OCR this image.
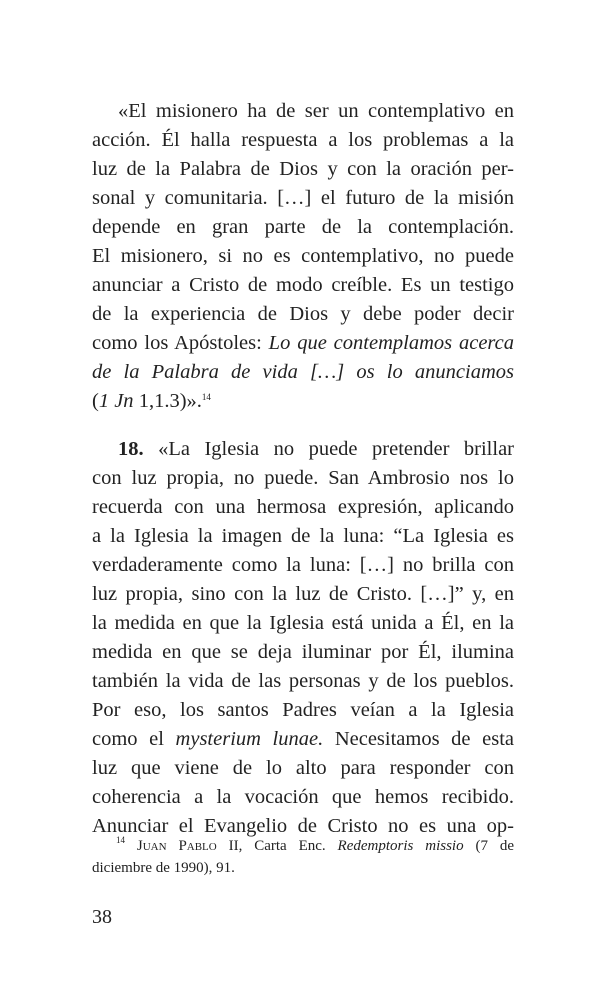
«El misionero ha de ser un contemplativo en
acción. Él halla respuesta a los problemas a la
luz de la Palabra de Dios y con la oración per-
sonal y comunitaria. […] el futuro de la misión
depende en gran parte de la contemplación.
El misionero, si no es contemplativo, no puede
anunciar a Cristo de modo creíble. Es un testigo
de la experiencia de Dios y debe poder decir
como los Apóstoles: Lo que contemplamos acerca
de la Palabra de vida […] os lo anunciamos
(1 Jn 1,1.3)».$^{14}$
18. «La Iglesia no puede pretender brillar
con luz propia, no puede. San Ambrosio nos lo
recuerda con una hermosa expresión, aplicando
a la Iglesia la imagen de la luna: “La Iglesia es
verdaderamente como la luna: […] no brilla con
luz propia, sino con la luz de Cristo. […]” y, en
la medida en que la Iglesia está unida a Él, en la
medida en que se deja iluminar por Él, ilumina
también la vida de las personas y de los pueblos.
Por eso, los santos Padres veían a la Iglesia
como el mysterium lunae. Necesitamos de esta
luz que viene de lo alto para responder con
coherencia a la vocación que hemos recibido.
Anunciar el Evangelio de Cristo no es una op-
$^{14}$ Juan Pablo II, Carta Enc. Redemptoris missio (7 de
diciembre de 1990), 91.
38
